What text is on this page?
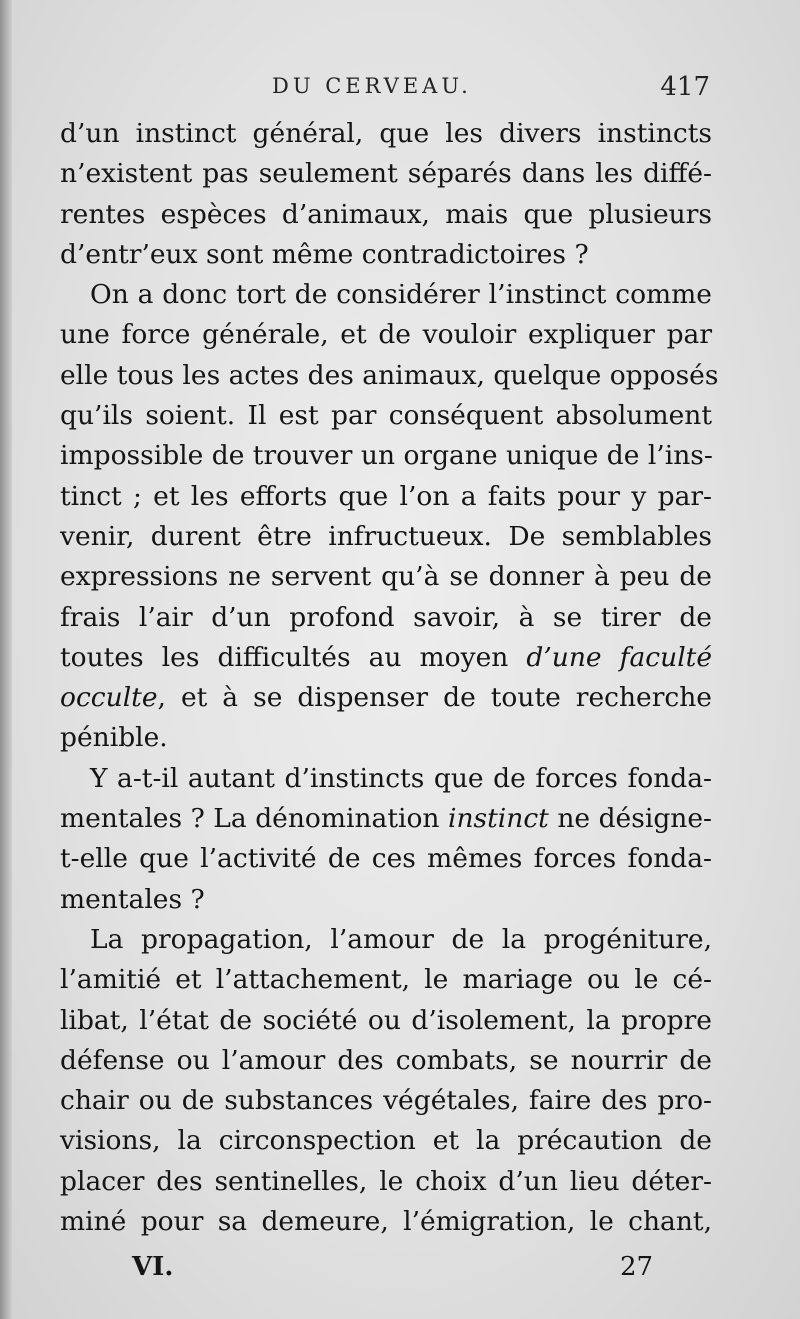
DU CERVEAU.	417
d’un instinct général, que les divers instincts
n’existent pas seulement séparés dans les diffé-
rentes espèces d’animaux, mais que plusieurs
d’entr’eux sont même contradictoires ?
On a donc tort de considérer l’instinct comme
une force générale, et de vouloir expliquer par
elle tous les actes des animaux, quelque opposés
qu’ils soient. Il est par conséquent absolument
impossible de trouver un organe unique de l’ins-
tinct ; et les efforts que l’on a faits pour y par-
venir, durent être infructueux. De semblables
expressions ne servent qu’à se donner à peu de
frais l’air d’un profond savoir, à se tirer de
toutes les difficultés au moyen d’une faculté
occulte, et à se dispenser de toute recherche
pénible.
Y a-t-il autant d’instincts que de forces fonda-
mentales ? La dénomination instinct ne désigne-
t-elle que l’activité de ces mêmes forces fonda-
mentales ?
La propagation, l’amour de la progéniture,
l’amitié et l’attachement, le mariage ou le cé-
libat, l’état de société ou d’isolement, la propre
défense ou l’amour des combats, se nourrir de
chair ou de substances végétales, faire des pro-
visions, la circonspection et la précaution de
placer des sentinelles, le choix d’un lieu déter-
miné pour sa demeure, l’émigration, le chant,
VI.	27
